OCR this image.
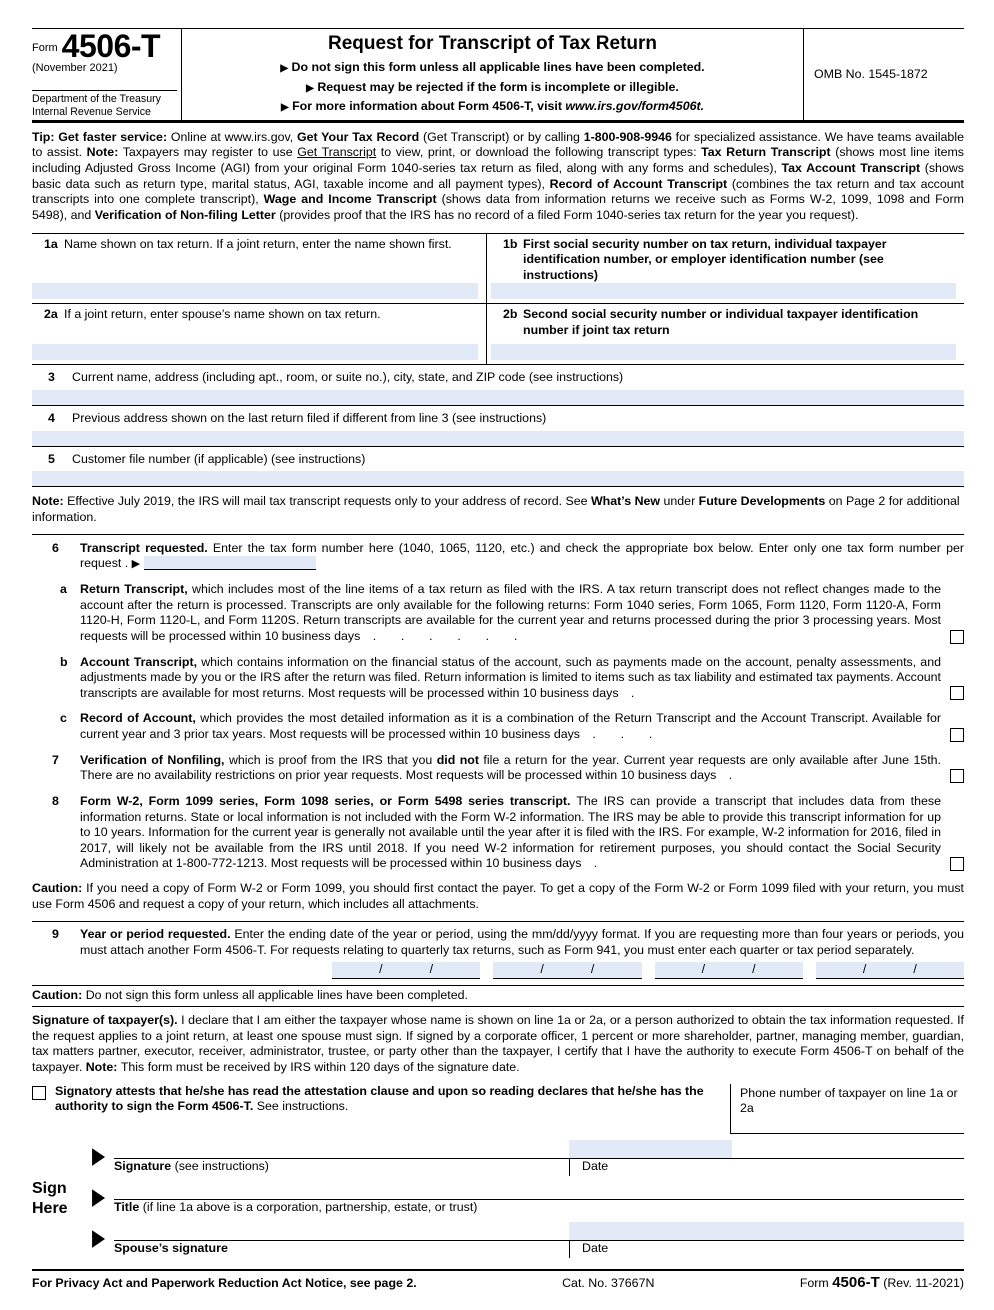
Form 4506-T
(November 2021)
Department of the Treasury
Internal Revenue Service
Request for Transcript of Tax Return
▶ Do not sign this form unless all applicable lines have been completed.
▶ Request may be rejected if the form is incomplete or illegible.
▶ For more information about Form 4506-T, visit www.irs.gov/form4506t.
OMB No. 1545-1872

Tip: Get faster service: Online at www.irs.gov, Get Your Tax Record (Get Transcript) or by calling 1-800-908-9946 for specialized assistance. We have teams available to assist. Note: Taxpayers may register to use Get Transcript to view, print, or download the following transcript types: Tax Return Transcript (shows most line items including Adjusted Gross Income (AGI) from your original Form 1040-series tax return as filed, along with any forms and schedules), Tax Account Transcript (shows basic data such as return type, marital status, AGI, taxable income and all payment types), Record of Account Transcript (combines the tax return and tax account transcripts into one complete transcript), Wage and Income Transcript (shows data from information returns we receive such as Forms W-2, 1099, 1098 and Form 5498), and Verification of Non-filing Letter (provides proof that the IRS has no record of a filed Form 1040-series tax return for the year you request).

1a Name shown on tax return. If a joint return, enter the name shown first.	1b First social security number on tax return, individual taxpayer identification number, or employer identification number (see instructions)
2a If a joint return, enter spouse’s name shown on tax return.	2b Second social security number or individual taxpayer identification number if joint tax return
3	Current name, address (including apt., room, or suite no.), city, state, and ZIP code (see instructions)
4	Previous address shown on the last return filed if different from line 3 (see instructions)
5	Customer file number (if applicable) (see instructions)

Note: Effective July 2019, the IRS will mail tax transcript requests only to your address of record. See What’s New under Future Developments on Page 2 for additional information.

6	Transcript requested. Enter the tax form number here (1040, 1065, 1120, etc.) and check the appropriate box below. Enter only one tax form number per request . ▶
a	Return Transcript, which includes most of the line items of a tax return as filed with the IRS. A tax return transcript does not reflect changes made to the account after the return is processed. Transcripts are only available for the following returns: Form 1040 series, Form 1065, Form 1120, Form 1120-A, Form 1120-H, Form 1120-L, and Form 1120S. Return transcripts are available for the current year and returns processed during the prior 3 processing years. Most requests will be processed within 10 business days .  .  .  .  .  .

b	Account Transcript, which contains information on the financial status of the account, such as payments made on the account, penalty assessments, and adjustments made by you or the IRS after the return was filed. Return information is limited to items such as tax liability and estimated tax payments. Account transcripts are available for most returns. Most requests will be processed within 10 business days .

c	Record of Account, which provides the most detailed information as it is a combination of the Return Transcript and the Account Transcript. Available for current year and 3 prior tax years. Most requests will be processed within 10 business days .  .  .

7	Verification of Nonfiling, which is proof from the IRS that you did not file a return for the year. Current year requests are only available after June 15th. There are no availability restrictions on prior year requests. Most requests will be processed within 10 business days .

8	Form W-2, Form 1099 series, Form 1098 series, or Form 5498 series transcript. The IRS can provide a transcript that includes data from these information returns. State or local information is not included with the Form W-2 information. The IRS may be able to provide this transcript information for up to 10 years. Information for the current year is generally not available until the year after it is filed with the IRS. For example, W-2 information for 2016, filed in 2017, will likely not be available from the IRS until 2018. If you need W-2 information for retirement purposes, you should contact the Social Security Administration at 1-800-772-1213. Most requests will be processed within 10 business days .

Caution: If you need a copy of Form W-2 or Form 1099, you should first contact the payer. To get a copy of the Form W-2 or Form 1099 filed with your return, you must use Form 4506 and request a copy of your return, which includes all attachments.

9	Year or period requested. Enter the ending date of the year or period, using the mm/dd/yyyy format. If you are requesting more than four years or periods, you must attach another Form 4506-T. For requests relating to quarterly tax returns, such as Form 941, you must enter each quarter or tax period separately.
/	/	/	/	/	/	/	/

Caution: Do not sign this form unless all applicable lines have been completed.

Signature of taxpayer(s). I declare that I am either the taxpayer whose name is shown on line 1a or 2a, or a person authorized to obtain the tax information requested. If the request applies to a joint return, at least one spouse must sign. If signed by a corporate officer, 1 percent or more shareholder, partner, managing member, guardian, tax matters partner, executor, receiver, administrator, trustee, or party other than the taxpayer, I certify that I have the authority to execute Form 4506-T on behalf of the taxpayer. Note: This form must be received by IRS within 120 days of the signature date.

Signatory attests that he/she has read the attestation clause and upon so reading declares that he/she has the authority to sign the Form 4506-T. See instructions.

Phone number of taxpayer on line 1a or 2a
Sign
Here
▶ Signature (see instructions)	Date
▶ Title (if line 1a above is a corporation, partnership, estate, or trust)
▶ Spouse’s signature	Date
For Privacy Act and Paperwork Reduction Act Notice, see page 2.	Cat. No. 37667N	Form 4506-T (Rev. 11-2021)
